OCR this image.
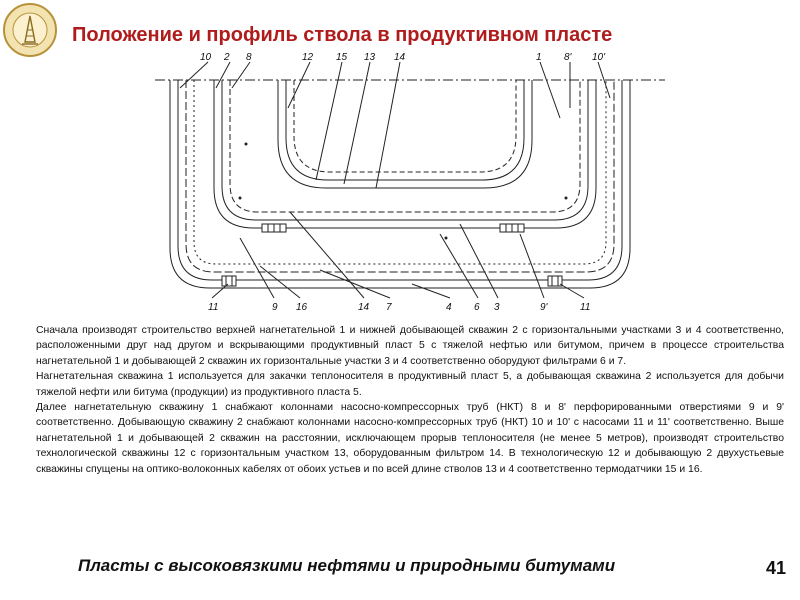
Положение и профиль ствола в продуктивном пласте
10 2 8	12 15 13 14	1 8' 10'
11	9 16	14 7	4 6 3	9'	11

Сначала производят строительство верхней нагнетательной 1 и нижней добывающей скважин 2 с горизонтальными участками 3 и 4 соответственно, расположенными друг над другом и вскрывающими продуктивный пласт 5 с тяжелой нефтью или битумом, причем в процессе строительства нагнетательной 1 и добывающей 2 скважин их горизонтальные участки 3 и 4 соответственно оборудуют фильтрами 6 и 7.

Нагнетательная скважина 1 используется для закачки теплоносителя в продуктивный пласт 5, а добывающая скважина 2 используется для добычи тяжелой нефти или битума (продукции) из продуктивного пласта 5.

Далее нагнетательную скважину 1 снабжают колоннами насосно-компрессорных труб (НКТ) 8 и 8' перфорированными отверстиями 9 и 9' соответственно. Добывающую скважину 2 снабжают колоннами насосно-компрессорных труб (НКТ) 10 и 10' с насосами 11 и 11' соответственно. Выше нагнетательной 1 и добывающей 2 скважин на расстоянии, исключающем прорыв теплоносителя (не менее 5 метров), производят строительство технологической скважины 12 с горизонтальным участком 13, оборудованным фильтром 14. В технологическую 12 и добывающую 2 двухустьевые скважины спущены на оптико-волоконных кабелях от обоих устьев и по всей длине стволов 13 и 4 соответственно термодатчики 15 и 16.

Пласты с высоковязкими нефтями и природными битумами	41
